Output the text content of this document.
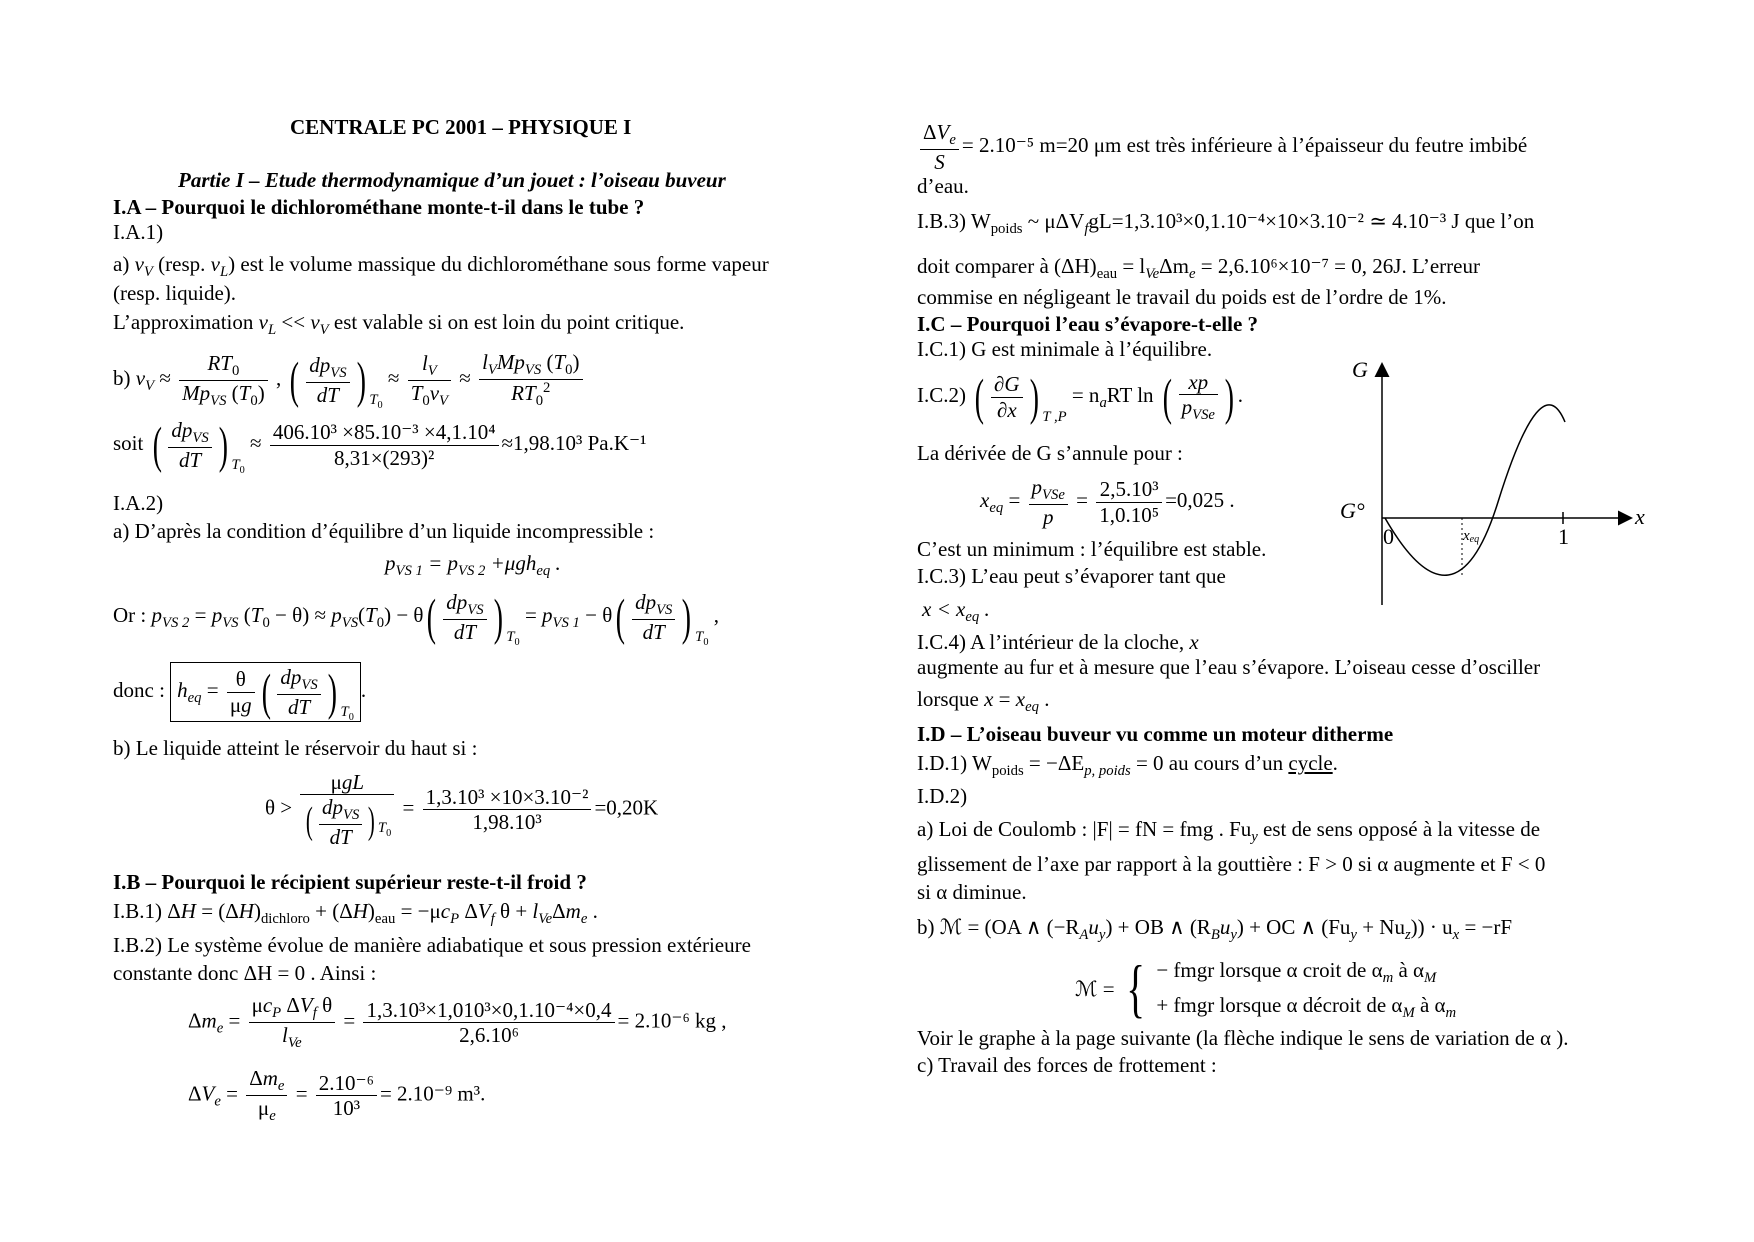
CENTRALE PC 2001 – PHYSIQUE I
Partie I – Etude thermodynamique d’un jouet : l’oiseau buveur
I.A – Pourquoi le dichlorométhane monte-t-il dans le tube ?
I.A.1)
a) $v_V$ (resp. $v_L$) est le volume massique du dichlorométhane sous forme vapeur
(resp. liquide).
L’approximation $v_L << v_V$ est valable si on est loin du point critique.
b) $v_V \approx \frac{RT_0}{Mp_{VS} (T_0)}$ , ( $\frac{dp_{VS}}{dT}$ ) $_{T_0} \approx \frac{l_V}{T_0v_V} \approx \frac{l_VMp_{VS} (T_0)}{RT_0^2}$
soit ( $\frac{dp_{VS}}{dT}$ ) $_{T_0} \approx \frac{\text{406.10³ ×85.10⁻³ ×4,1.10⁴}}{\text{8,31×(293)²}} \approx 1,98.10^3$ Pa.K⁻¹
I.A.2)
a) D’après la condition d’équilibre d’un liquide incompressible :
$p_{VS 1} = p_{VS 2} +\mu gh_{eq}$ .
Or : $p_{VS 2} = p_{VS}$ $(T_0 - \theta) \approx p_{VS}(T_0) - \theta( \frac{dp_{VS}}{dT}$ ) $_{T_0} = p_{VS 1} - \theta( \frac{dp_{VS}}{dT}$ ) $_{T_0}$ ,
donc : $h_{eq} = \frac{\theta}{\mu g}$ ( $\frac{dp_{VS}}{dT}$ ) $_{T_0}$.
b) Le liquide atteint le réservoir du haut si :
$\theta > \frac{\text{μgL}}{( \frac{dp_{VS}}{dT} ) _{T_0}} = \frac{\text{1,3.10³ ×10×3.10⁻²}}{\text{1,98.10³}} =0,20K$
I.B – Pourquoi le récipient supérieur reste-t-il froid ?
I.B.1) $\Delta H = (\Delta H)_{dichloro} + (\Delta H)_{eau} = -\mu c_P$ $\Delta V_f$ $\theta + l_{Ve}\Delta m_e$ .
I.B.2) Le système évolue de manière adiabatique et sous pression extérieure
constante donc ΔH = 0 . Ainsi :
$\Delta m_e = \frac{\mu c_P \Delta V_f \theta}{l_{Ve}} = \frac{\text{1,3.10³×1,010³×0,1.10⁻⁴×0,4}}{\text{2,6.10⁶}} = 2.10^{-6}$ kg ,
$\Delta V_e = \frac{\Delta m_e}{\mu_e} = \frac{\text{2.10⁻⁶}}{\text{10³}} = 2.10^{-9}$ m³.
$\frac{\Delta V_e}{S} = 2.10^{-5}$ m=20 μm est très inférieure à l’épaisseur du feutre imbibé
d’eau.
I.B.3) $W_{poids}$ ~ μΔV$_f$gL=1,3.10³×0,1.10⁻⁴×10×3.10⁻² ≃ 4.10⁻³ J que l’on
doit comparer à $(\Delta H)_{eau} = l_{Ve}\Delta m_e = 2,6.10^6\times 10^{-7} = 0$, 26J. L’erreur
commise en négligeant le travail du poids est de l’ordre de 1%.
I.C – Pourquoi l’eau s’évapore-t-elle ?
I.C.1) G est minimale à l’équilibre.
I.C.2) ( $\frac{\partial G}{\partial x}$ ) $_{T ,P} = n_aRT$ ln ( $\frac{xp}{p_{VSe}}$ ) .
La dérivée de G s’annule pour :
$x_{eq} = \frac{p_{VSe}}{p} = \frac{\text{2,5.10³}}{\text{1,0.10⁵}} =0,025$ .
C’est un minimum : l’équilibre est stable.
I.C.3) L’eau peut s’évaporer tant que
$x < x_{eq}$ .
I.C.4) A l’intérieur de la cloche, x
augmente au fur et à mesure que l’eau s’évapore. L’oiseau cesse d’osciller
lorsque $x = x_{eq}$ .
G
x
G°
0	1
xeq
I.D – L’oiseau buveur vu comme un moteur ditherme
I.D.1) $W_{poids} = -\Delta E_{p, poids} = 0$ au cours d’un cycle.
I.D.2)
a) Loi de Coulomb : |F| = fN = fmg . $Fu_y$ est de sens opposé à la vitesse de
glissement de l’axe par rapport à la gouttière : F > 0 si α augmente et F < 0
si α diminue.
b) ℳ = (OA ∧ $(-R_Au_y)$ + OB ∧ $(R_Bu_y)$ + OC ∧ $(Fu_y + Nu_z)) \cdot u_x = -rF$
ℳ = { − fmgr lorsque α croit de $\alpha_m$ à $\alpha_M$
+ fmgr lorsque α décroit de $\alpha_M$ à $\alpha_m$
Voir le graphe à la page suivante (la flèche indique le sens de variation de α ).
c) Travail des forces de frottement :
